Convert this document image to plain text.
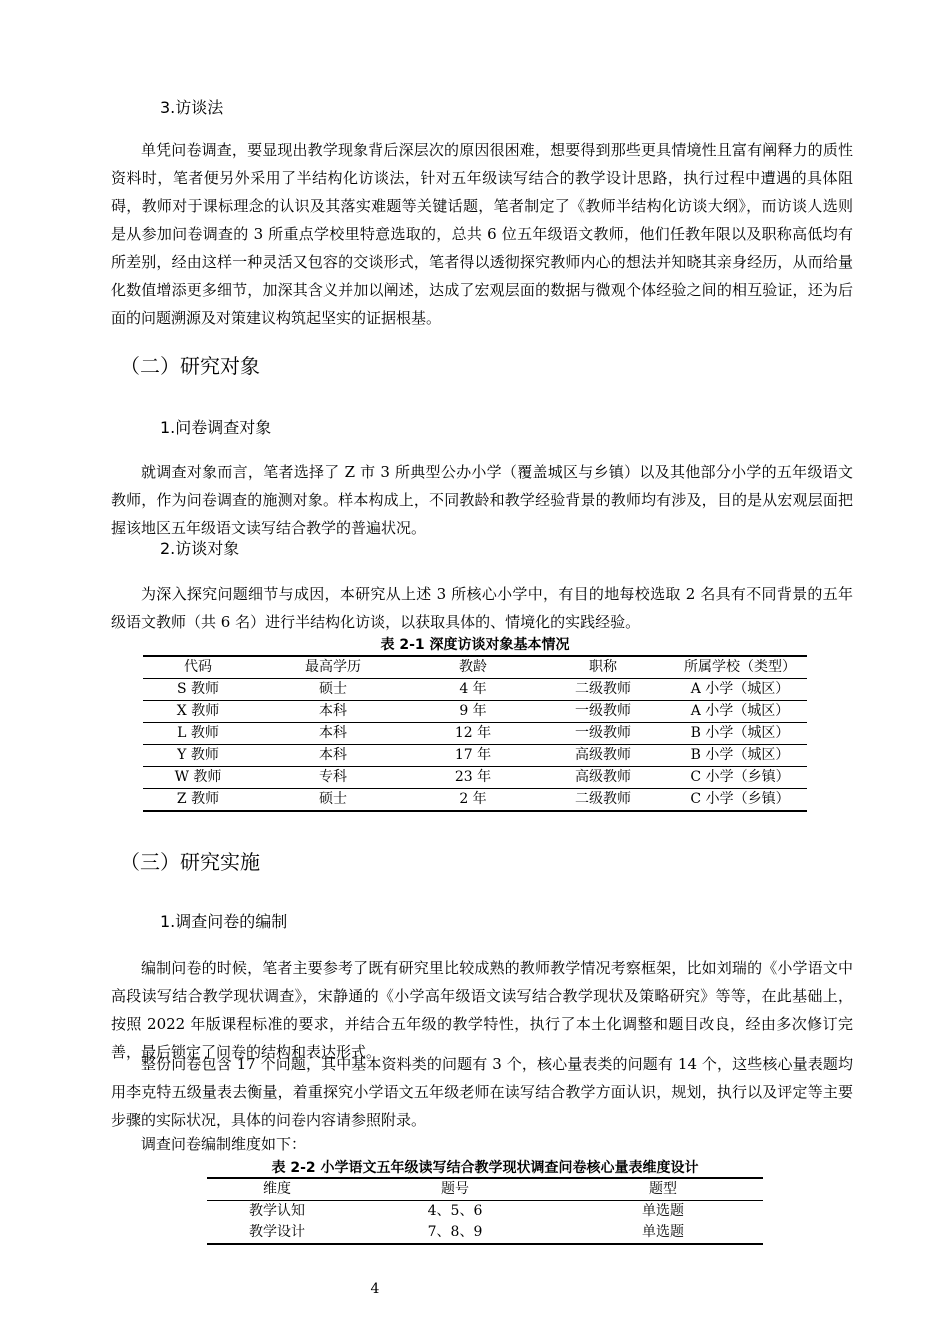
3.访谈法
单凭问卷调查，要显现出教学现象背后深层次的原因很困难，想要得到那些更具情境性且富有阐释力的质性资料时，笔者便另外采用了半结构化访谈法，针对五年级读写结合的教学设计思路，执行过程中遭遇的具体阻碍，教师对于课标理念的认识及其落实难题等关键话题，笔者制定了《教师半结构化访谈大纲》，而访谈人选则是从参加问卷调查的 3 所重点学校里特意选取的，总共 6 位五年级语文教师，他们任教年限以及职称高低均有所差别，经由这样一种灵活又包容的交谈形式，笔者得以透彻探究教师内心的想法并知晓其亲身经历，从而给量化数值增添更多细节，加深其含义并加以阐述，达成了宏观层面的数据与微观个体经验之间的相互验证，还为后面的问题溯源及对策建议构筑起坚实的证据根基。
（二）研究对象
1.问卷调查对象
就调查对象而言，笔者选择了 Z 市 3 所典型公办小学（覆盖城区与乡镇）以及其他部分小学的五年级语文教师，作为问卷调查的施测对象。样本构成上，不同教龄和教学经验背景的教师均有涉及，目的是从宏观层面把握该地区五年级语文读写结合教学的普遍状况。
2.访谈对象
为深入探究问题细节与成因，本研究从上述 3 所核心小学中，有目的地每校选取 2 名具有不同背景的五年级语文教师（共 6 名）进行半结构化访谈，以获取具体的、情境化的实践经验。
表 2-1 深度访谈对象基本情况
代码	最高学历	教龄	职称	所属学校（类型）
S 教师	硕士	4 年	二级教师	A 小学（城区）
X 教师	本科	9 年	一级教师	A 小学（城区）
L 教师	本科	12 年	一级教师	B 小学（城区）
Y 教师	本科	17 年	高级教师	B 小学（城区）
W 教师	专科	23 年	高级教师	C 小学（乡镇）
Z 教师	硕士	2 年	二级教师	C 小学（乡镇）
（三）研究实施
1.调查问卷的编制
编制问卷的时候，笔者主要参考了既有研究里比较成熟的教师教学情况考察框架，比如刘瑞的《小学语文中高段读写结合教学现状调查》，宋静通的《小学高年级语文读写结合教学现状及策略研究》等等，在此基础上，按照 2022 年版课程标准的要求，并结合五年级的教学特性，执行了本土化调整和题目改良，经由多次修订完善，最后锁定了问卷的结构和表达形式。
整份问卷包含 17 个问题，其中基本资料类的问题有 3 个，核心量表类的问题有 14 个，这些核心量表题均用李克特五级量表去衡量，着重探究小学语文五年级老师在读写结合教学方面认识，规划，执行以及评定等主要步骤的实际状况，具体的问卷内容请参照附录。
调查问卷编制维度如下：
表 2-2 小学语文五年级读写结合教学现状调查问卷核心量表维度设计
维度	题号	题型
教学认知	4、5、6	单选题
教学设计	7、8、9	单选题
4
